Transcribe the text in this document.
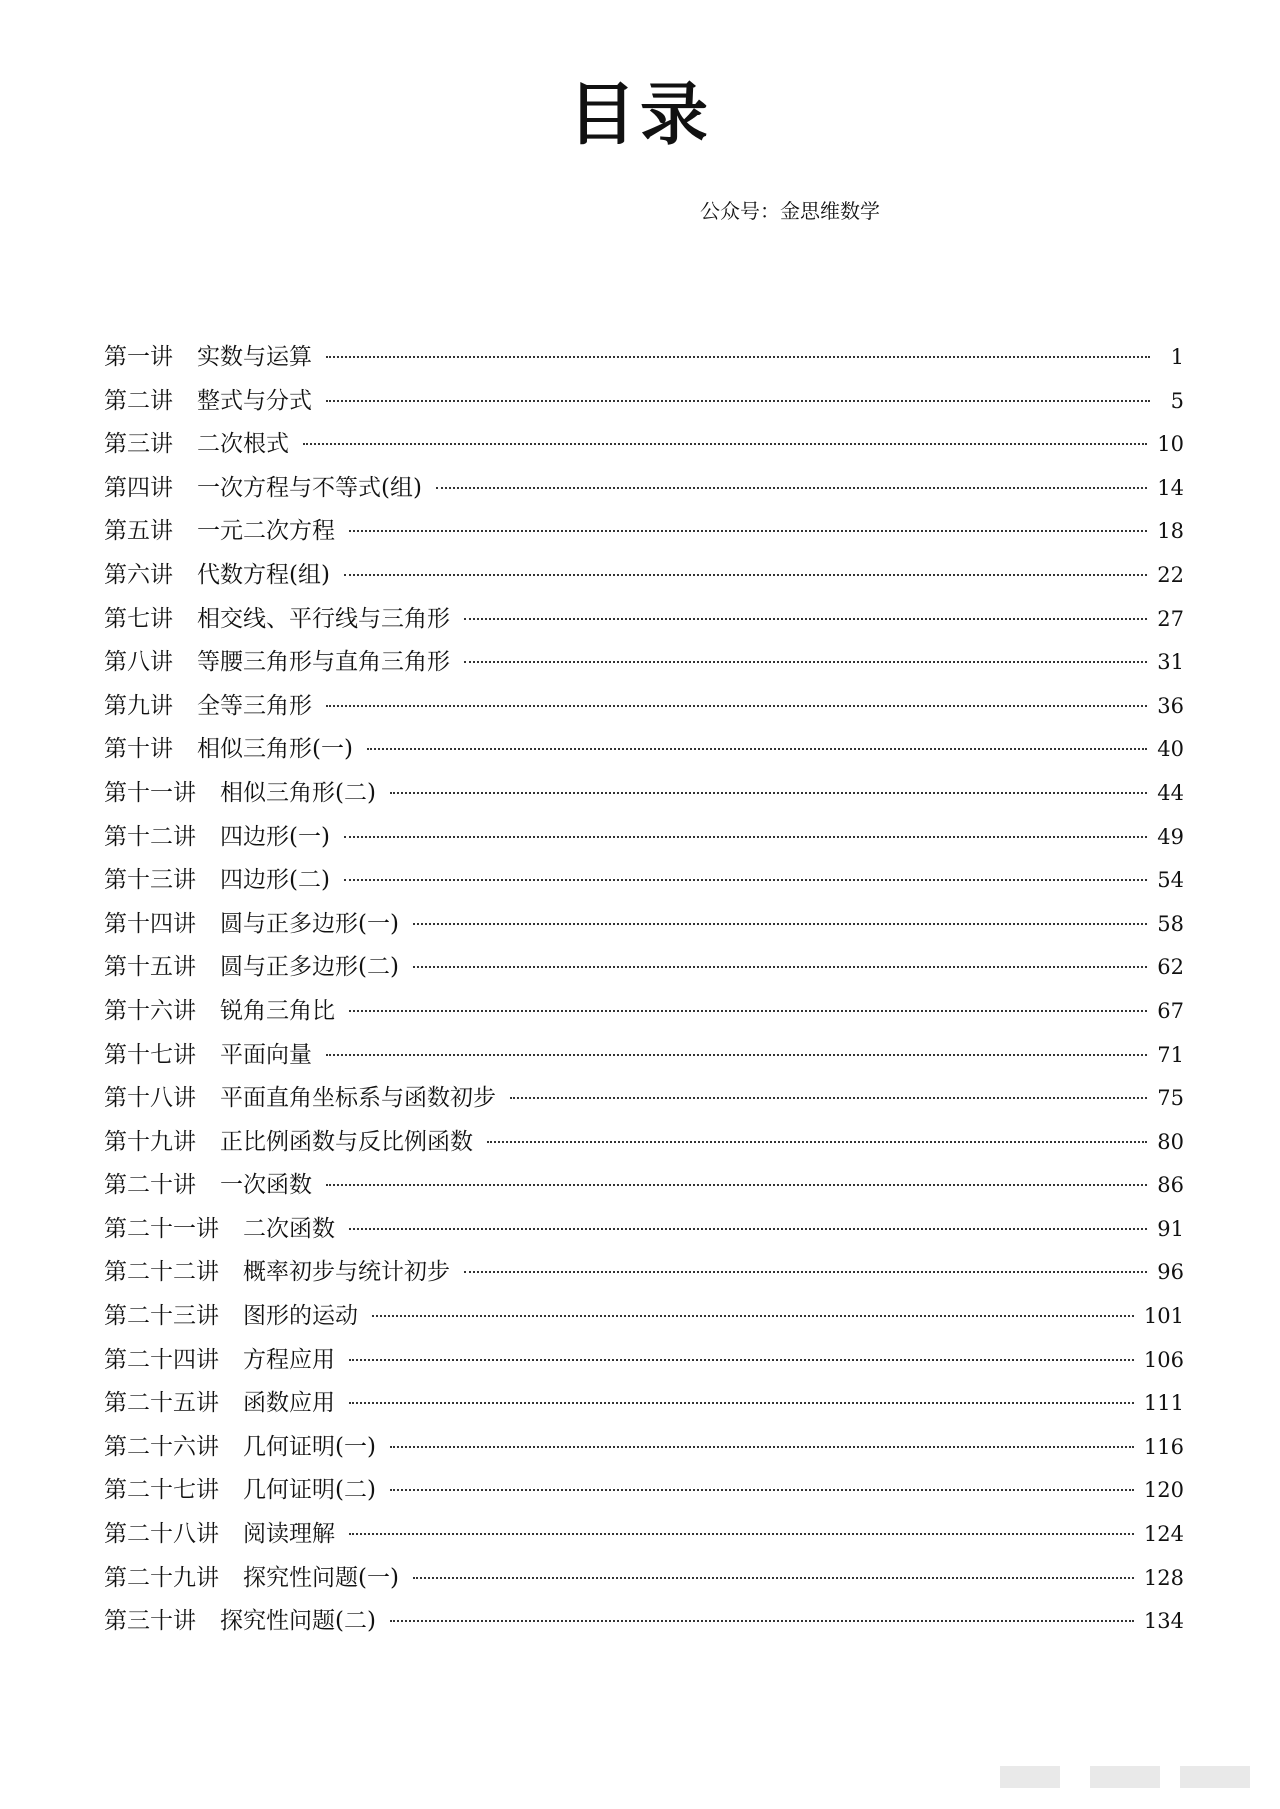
目录
公众号：金思维数学
第一讲 实数与运算	1
第二讲 整式与分式	5
第三讲 二次根式	10
第四讲 一次方程与不等式(组)	14
第五讲 一元二次方程	18
第六讲 代数方程(组)	22
第七讲 相交线、平行线与三角形	27
第八讲 等腰三角形与直角三角形	31
第九讲 全等三角形	36
第十讲 相似三角形(一)	40
第十一讲 相似三角形(二)	44
第十二讲 四边形(一)	49
第十三讲 四边形(二)	54
第十四讲 圆与正多边形(一)	58
第十五讲 圆与正多边形(二)	62
第十六讲 锐角三角比	67
第十七讲 平面向量	71
第十八讲 平面直角坐标系与函数初步	75
第十九讲 正比例函数与反比例函数	80
第二十讲 一次函数	86
第二十一讲 二次函数	91
第二十二讲 概率初步与统计初步	96
第二十三讲 图形的运动	101
第二十四讲 方程应用	106
第二十五讲 函数应用	111
第二十六讲 几何证明(一)	116
第二十七讲 几何证明(二)	120
第二十八讲 阅读理解	124
第二十九讲 探究性问题(一)	128
第三十讲 探究性问题(二)	134
